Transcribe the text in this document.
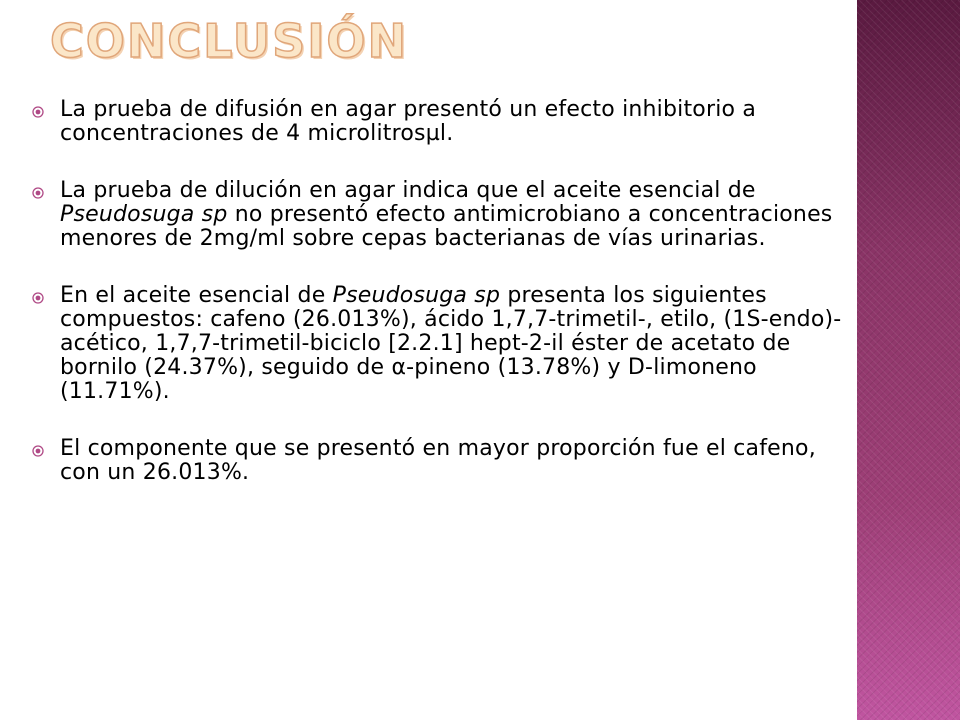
CONCLUSIÓN
La prueba de difusión en agar presentó un efecto inhibitorio a concentraciones de 4 microlitrosµl.
La prueba de dilución en agar indica que el aceite esencial de Pseudosuga sp no presentó efecto antimicrobiano a concentraciones menores de 2mg/ml sobre cepas bacterianas de vías urinarias.
En el aceite esencial de Pseudosuga sp presenta los siguientes compuestos: cafeno (26.013%), ácido 1,7,7-trimetil-, etilo, (1S-endo)-acético, 1,7,7-trimetil-biciclo [2.2.1] hept-2-il éster de acetato de bornilo (24.37%), seguido de α-pineno (13.78%) y D-limoneno (11.71%).
El componente que se presentó en mayor proporción fue el cafeno, con un 26.013%.
